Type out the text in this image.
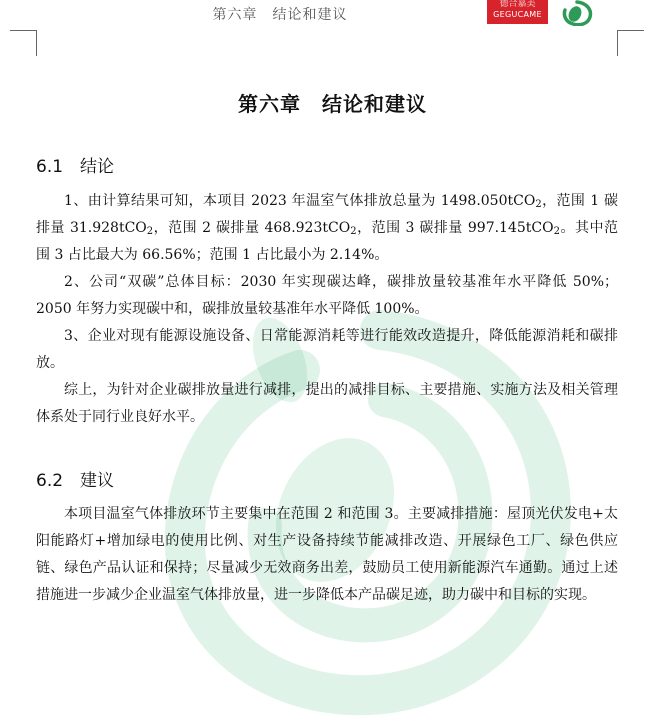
第六章　结论和建议
德合嘉美
GEGUCAME
第六章　结论和建议
6.1 结论
1、由计算结果可知，本项目 2023 年温室气体排放总量为 1498.050tCO$_2$，范围 1 碳排量 31.928tCO$_2$，范围 2 碳排量 468.923tCO$_2$，范围 3 碳排量 997.145tCO$_2$。其中范围 3 占比最大为 66.56%；范围 1 占比最小为 2.14%。
2、公司“双碳”总体目标：2030 年实现碳达峰，碳排放量较基准年水平降低 50%；2050 年努力实现碳中和，碳排放量较基准年水平降低 100%。
3、企业对现有能源设施设备、日常能源消耗等进行能效改造提升，降低能源消耗和碳排放。
综上，为针对企业碳排放量进行减排，提出的减排目标、主要措施、实施方法及相关管理体系处于同行业良好水平。
6.2 建议
本项目温室气体排放环节主要集中在范围 2 和范围 3。主要减排措施：屋顶光伏发电+太阳能路灯+增加绿电的使用比例、对生产设备持续节能减排改造、开展绿色工厂、绿色供应链、绿色产品认证和保持；尽量减少无效商务出差，鼓励员工使用新能源汽车通勤。通过上述措施进一步减少企业温室气体排放量，进一步降低本产品碳足迹，助力碳中和目标的实现。
